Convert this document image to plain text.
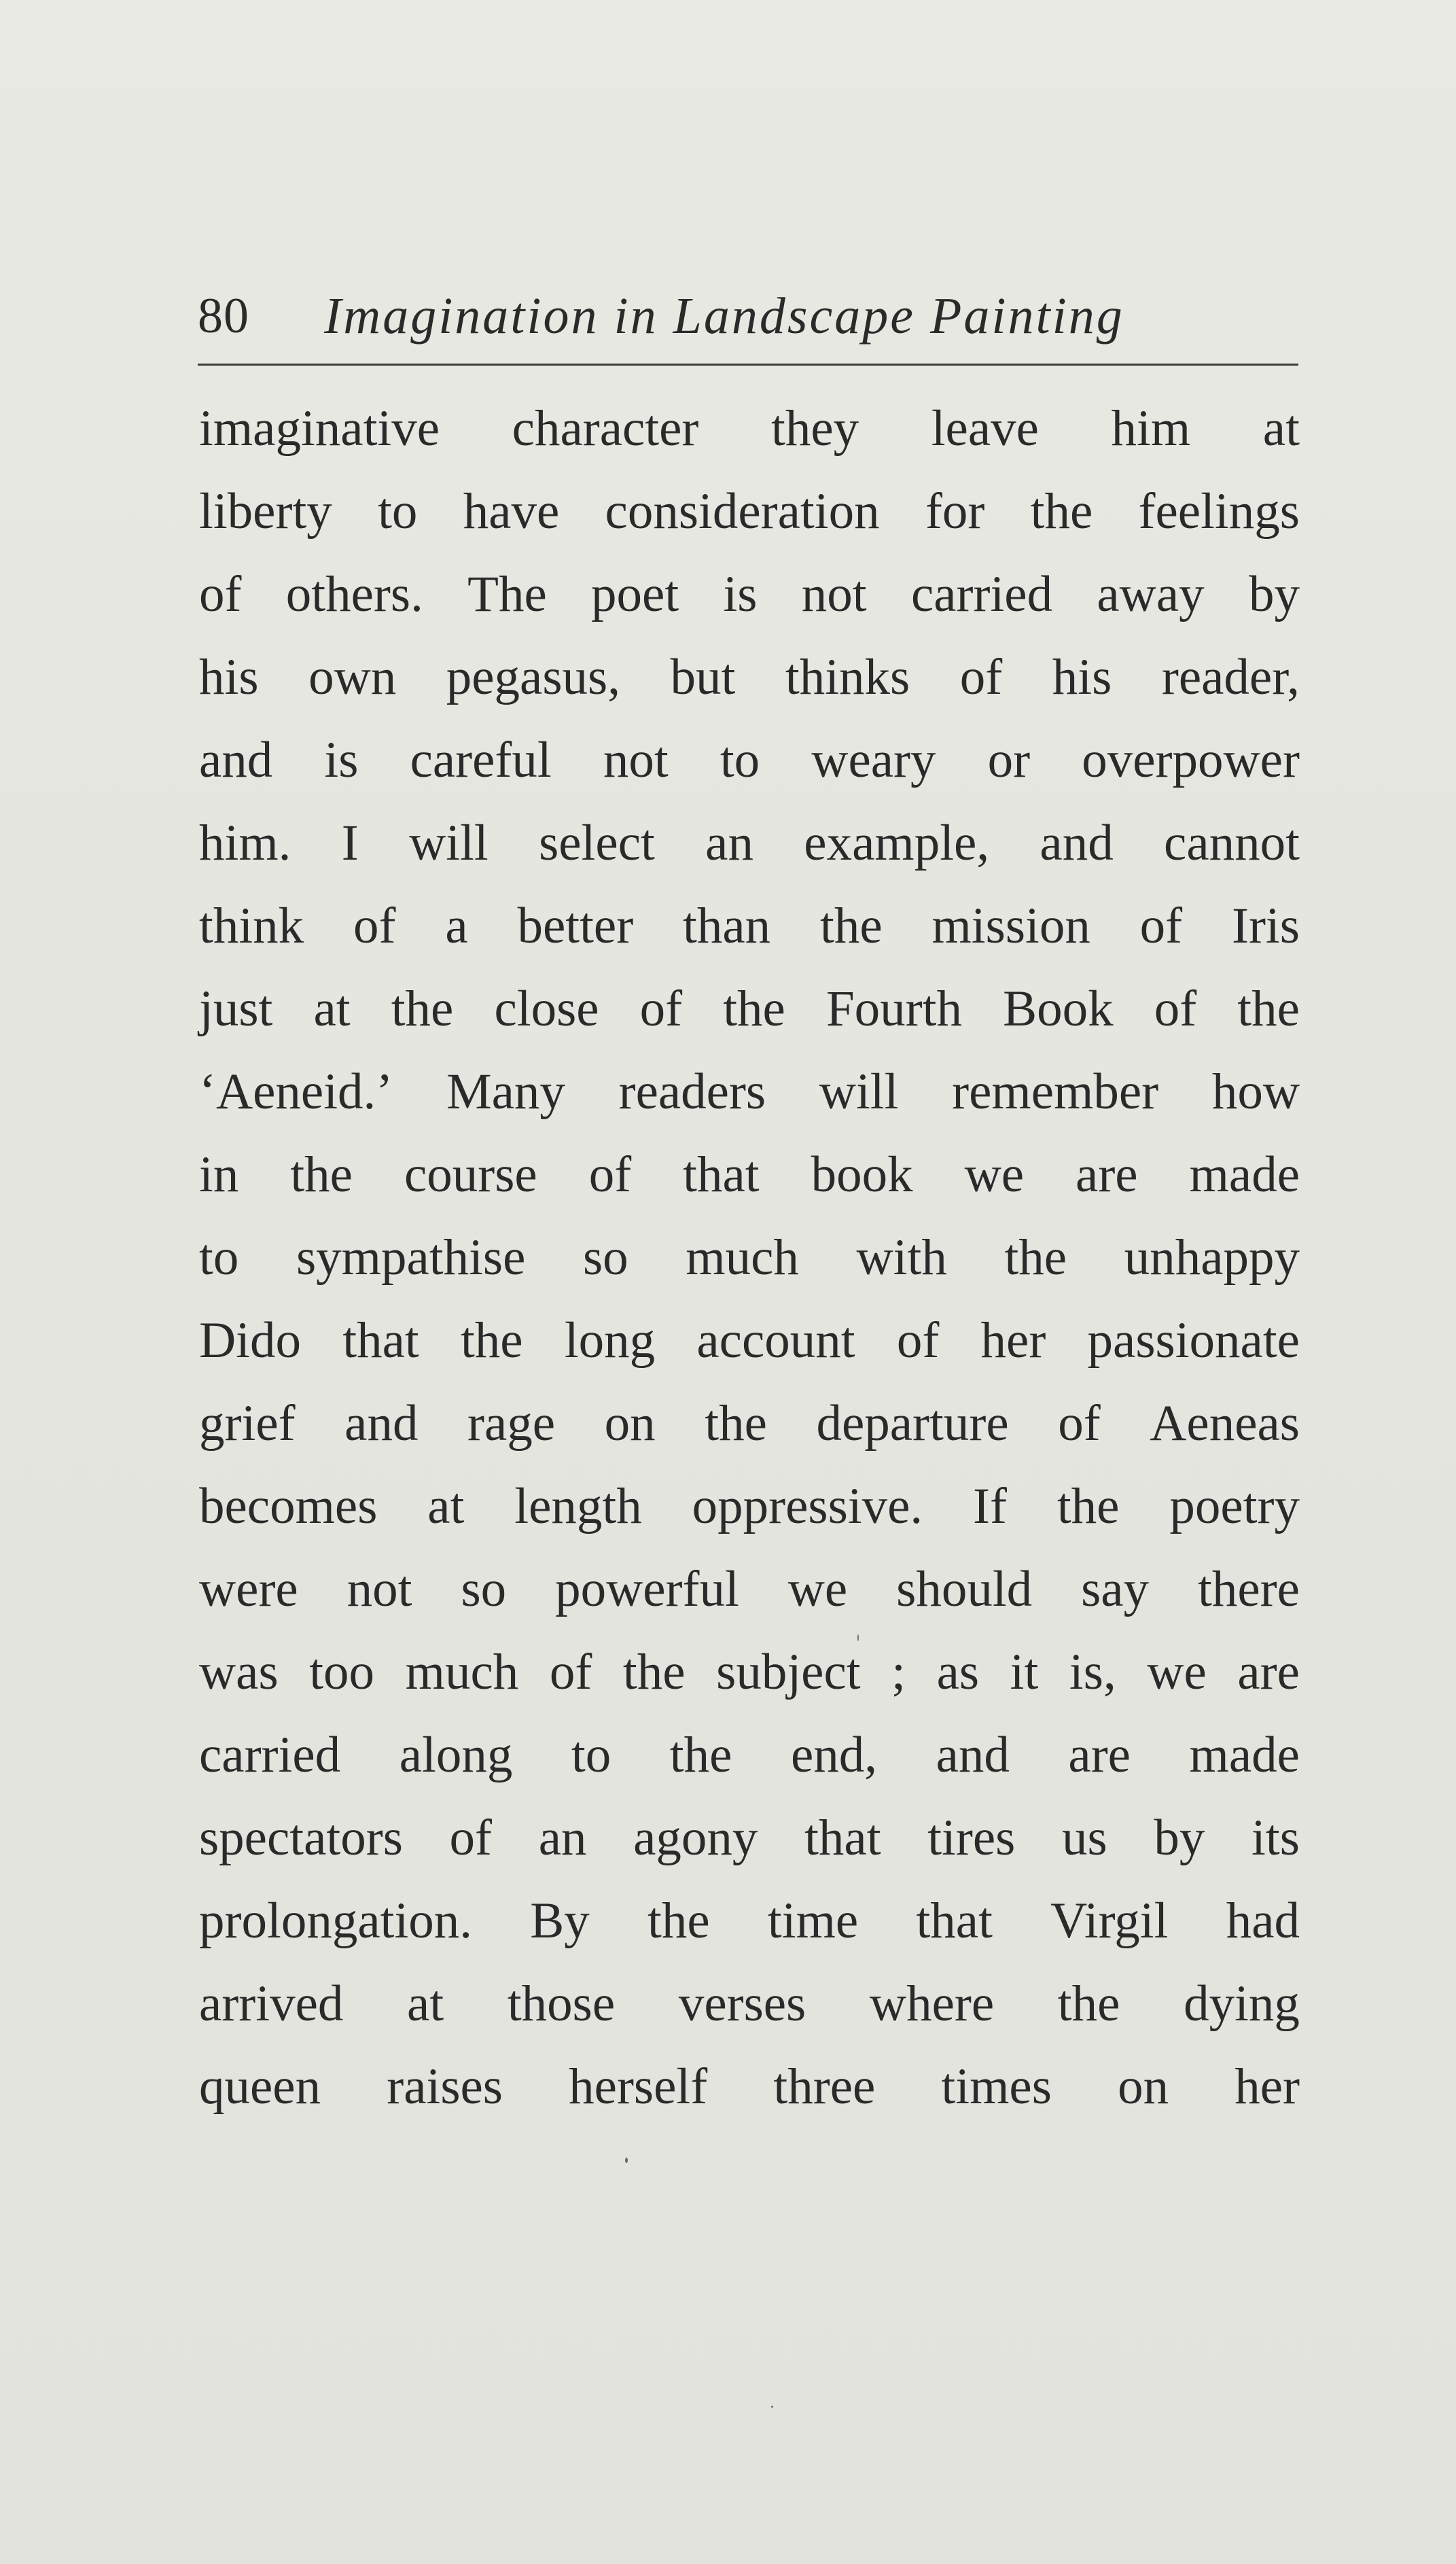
80 Imagination in Landscape Painting
imaginative character they leave him at
liberty to have consideration for the feelings
of others. The poet is not carried away by
his own pegasus, but thinks of his reader,
and is careful not to weary or overpower
him. I will select an example, and cannot
think of a better than the mission of Iris
just at the close of the Fourth Book of the
‘Aeneid.’ Many readers will remember how
in the course of that book we are made
to sympathise so much with the unhappy
Dido that the long account of her passionate
grief and rage on the departure of Aeneas
becomes at length oppressive. If the poetry
were not so powerful we should say there
was too much of the subject ; as it is, we are
carried along to the end, and are made
spectators of an agony that tires us by its
prolongation. By the time that Virgil had
arrived at those verses where the dying
queen raises herself three times on her
